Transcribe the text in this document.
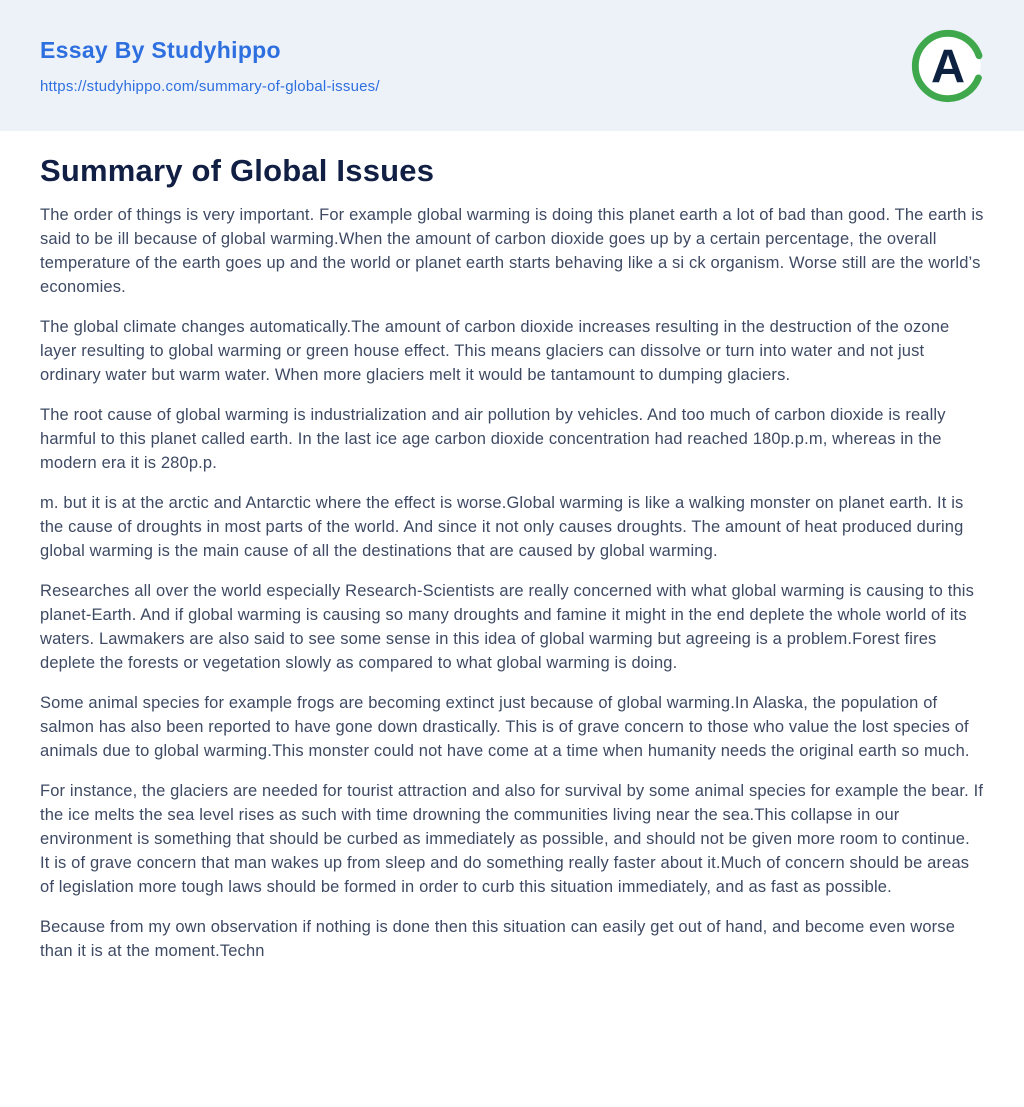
Essay By Studyhippo
https://studyhippo.com/summary-of-global-issues/	A
Summary of Global Issues

The order of things is very important. For example global warming is doing this planet earth a lot of bad than good. The earth is said to be ill because of global warming.When the amount of carbon dioxide goes up by a certain percentage, the overall temperature of the earth goes up and the world or planet earth starts behaving like a si ck organism. Worse still are the world’s economies.

The global climate changes automatically.The amount of carbon dioxide increases resulting in the destruction of the ozone layer resulting to global warming or green house effect. This means glaciers can dissolve or turn into water and not just ordinary water but warm water. When more glaciers melt it would be tantamount to dumping glaciers.

The root cause of global warming is industrialization and air pollution by vehicles. And too much of carbon dioxide is really harmful to this planet called earth. In the last ice age carbon dioxide concentration had reached 180p.p.m, whereas in the modern era it is 280p.p.

m. but it is at the arctic and Antarctic where the effect is worse.Global warming is like a walking monster on planet earth. It is the cause of droughts in most parts of the world. And since it not only causes droughts. The amount of heat produced during global warming is the main cause of all the destinations that are caused by global warming.

Researches all over the world especially Research-Scientists are really concerned with what global warming is causing to this planet-Earth. And if global warming is causing so many droughts and famine it might in the end deplete the whole world of its waters. Lawmakers are also said to see some sense in this idea of global warming but agreeing is a problem.Forest fires deplete the forests or vegetation slowly as compared to what global warming is doing.

Some animal species for example frogs are becoming extinct just because of global warming.In Alaska, the population of salmon has also been reported to have gone down drastically. This is of grave concern to those who value the lost species of animals due to global warming.This monster could not have come at a time when humanity needs the original earth so much.

For instance, the glaciers are needed for tourist attraction and also for survival by some animal species for example the bear. If the ice melts the sea level rises as such with time drowning the communities living near the sea.This collapse in our environment is something that should be curbed as immediately as possible, and should not be given more room to continue. It is of grave concern that man wakes up from sleep and do something really faster about it.Much of concern should be areas of legislation more tough laws should be formed in order to curb this situation immediately, and as fast as possible.

Because from my own observation if nothing is done then this situation can easily get out of hand, and become even worse than it is at the moment.Techn
